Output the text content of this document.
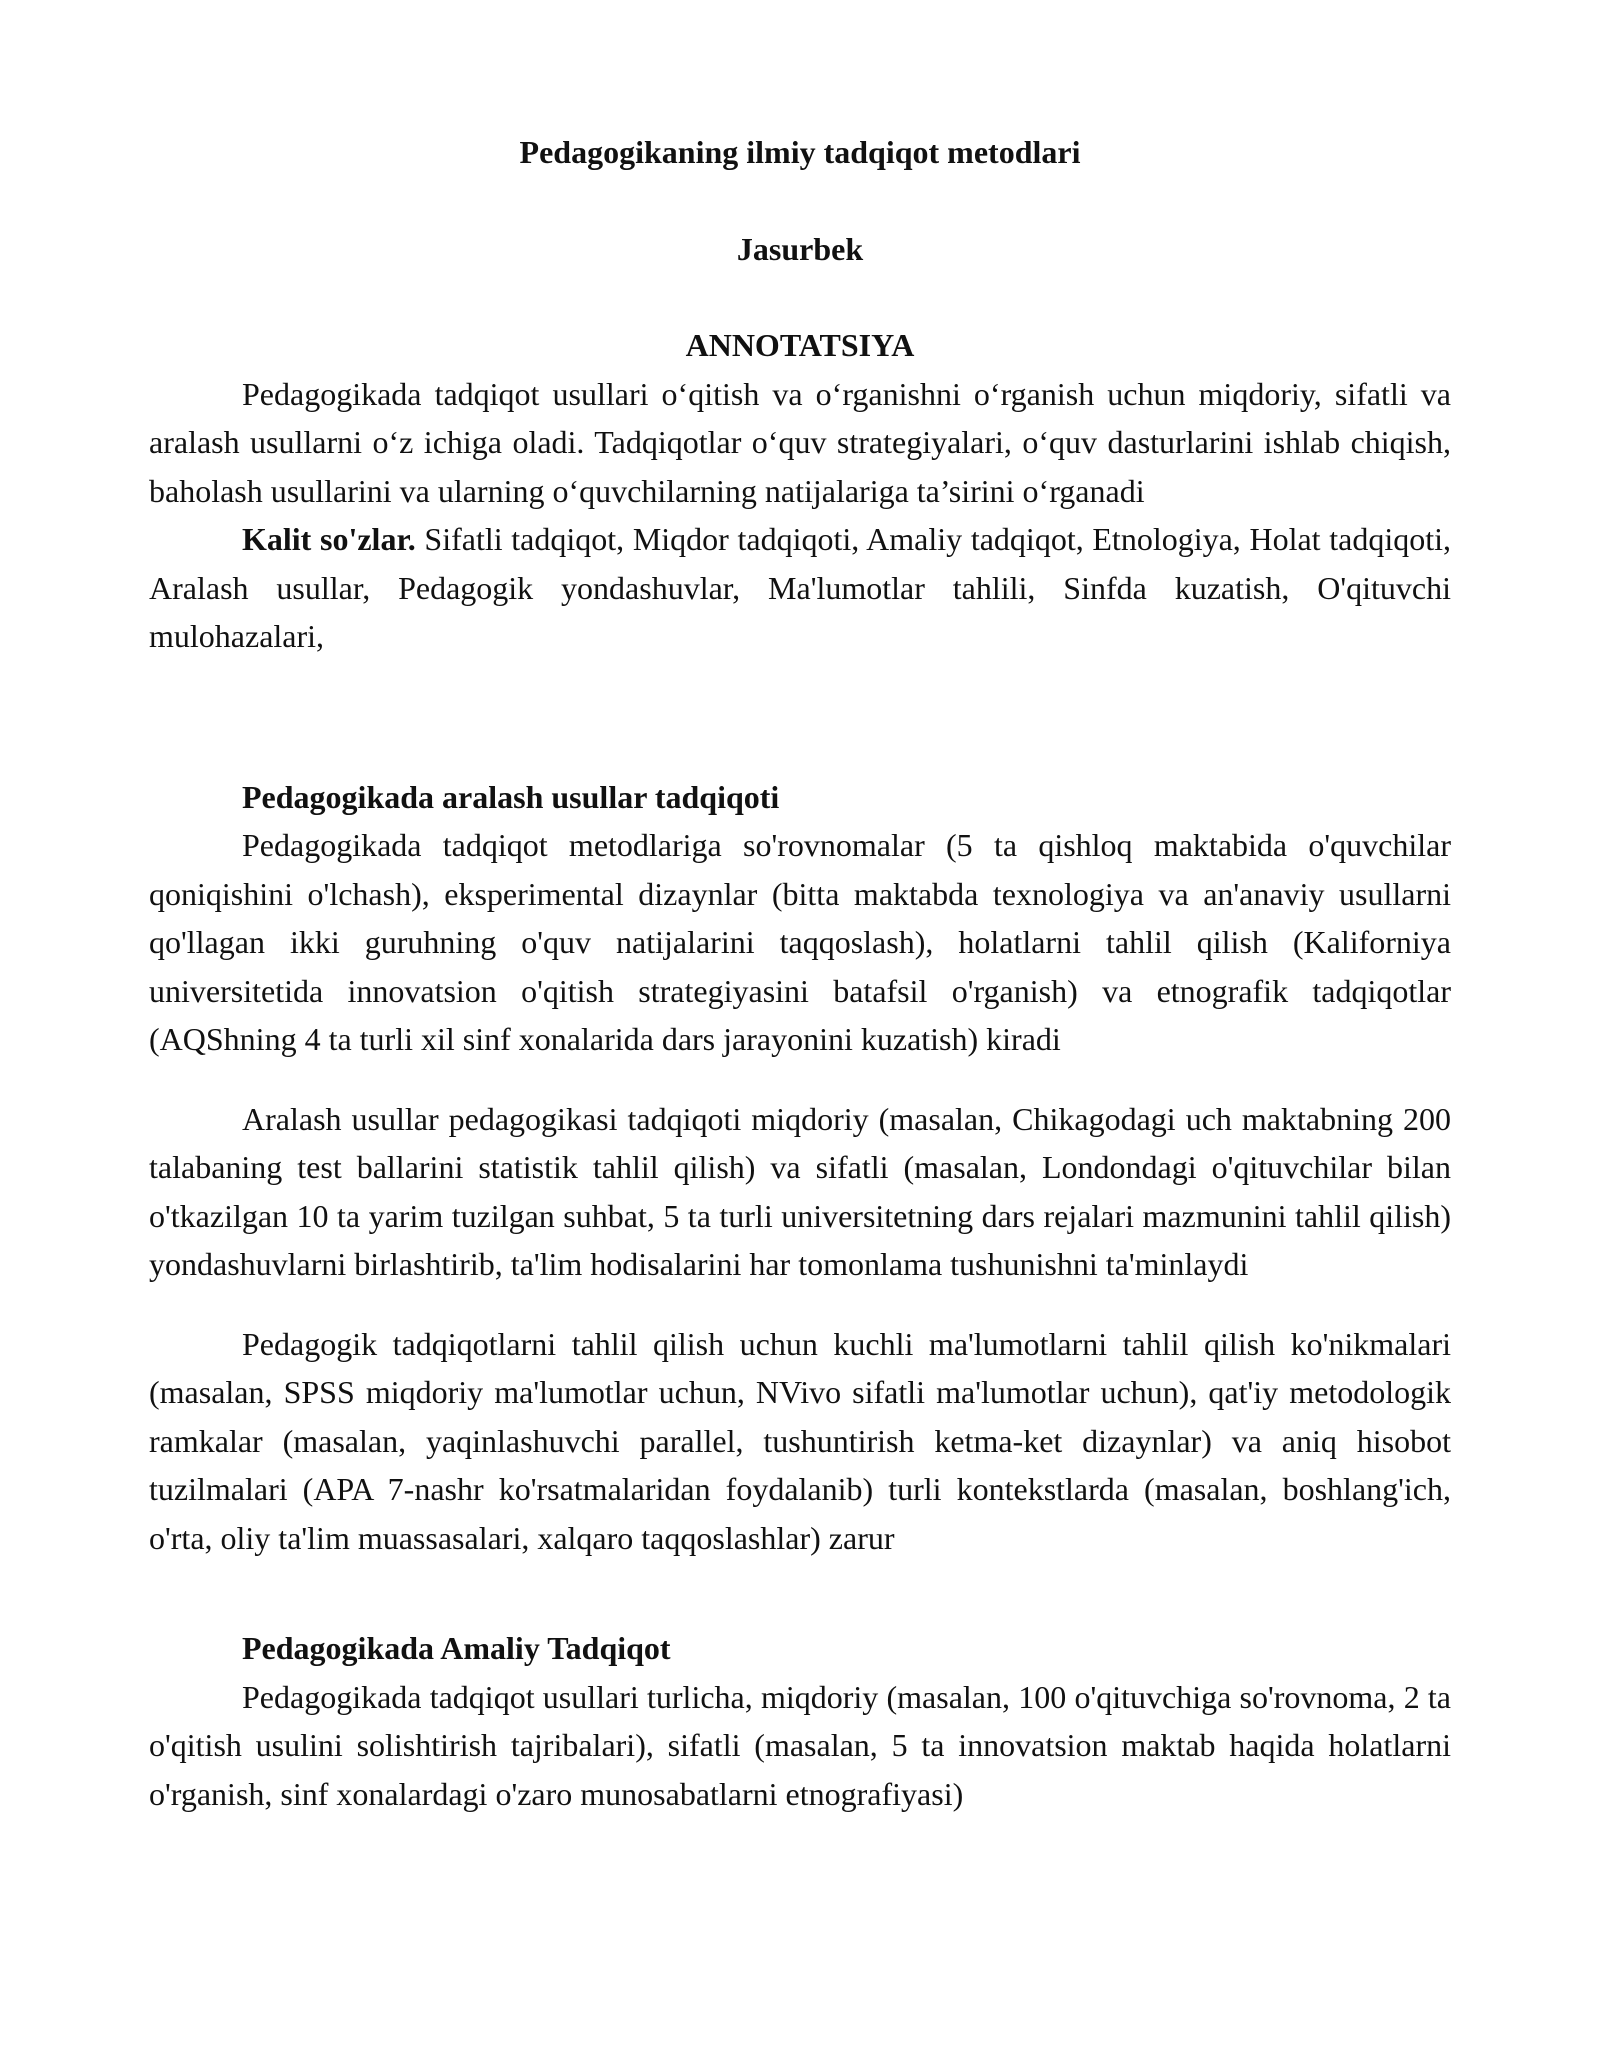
Pedagogikaning ilmiy tadqiqot metodlari

Jasurbek

ANNOTATSIYA

Pedagogikada tadqiqot usullari o‘qitish va o‘rganishni o‘rganish uchun miqdoriy, sifatli va aralash usullarni o‘z ichiga oladi. Tadqiqotlar o‘quv strategiyalari, o‘quv dasturlarini ishlab chiqish, baholash usullarini va ularning o‘quvchilarning natijalariga ta’sirini o‘rganadi

Kalit so'zlar. Sifatli tadqiqot, Miqdor tadqiqoti, Amaliy tadqiqot, Etnologiya, Holat tadqiqoti, Aralash usullar, Pedagogik yondashuvlar, Ma'lumotlar tahlili, Sinfda kuzatish, O'qituvchi mulohazalari,

Pedagogikada aralash usullar tadqiqoti

Pedagogikada tadqiqot metodlariga so'rovnomalar (5 ta qishloq maktabida o'quvchilar qoniqishini o'lchash), eksperimental dizaynlar (bitta maktabda texnologiya va an'anaviy usullarni qo'llagan ikki guruhning o'quv natijalarini taqqoslash), holatlarni tahlil qilish (Kaliforniya universitetida innovatsion o'qitish strategiyasini batafsil o'rganish) va etnografik tadqiqotlar (AQShning 4 ta turli xil sinf xonalarida dars jarayonini kuzatish) kiradi

Aralash usullar pedagogikasi tadqiqoti miqdoriy (masalan, Chikagodagi uch maktabning 200 talabaning test ballarini statistik tahlil qilish) va sifatli (masalan, Londondagi o'qituvchilar bilan o'tkazilgan 10 ta yarim tuzilgan suhbat, 5 ta turli universitetning dars rejalari mazmunini tahlil qilish) yondashuvlarni birlashtirib, ta'lim hodisalarini har tomonlama tushunishni ta'minlaydi

Pedagogik tadqiqotlarni tahlil qilish uchun kuchli ma'lumotlarni tahlil qilish ko'nikmalari (masalan, SPSS miqdoriy ma'lumotlar uchun, NVivo sifatli ma'lumotlar uchun), qat'iy metodologik ramkalar (masalan, yaqinlashuvchi parallel, tushuntirish ketma-ket dizaynlar) va aniq hisobot tuzilmalari (APA 7-nashr ko'rsatmalaridan foydalanib) turli kontekstlarda (masalan, boshlang'ich, o'rta, oliy ta'lim muassasalari, xalqaro taqqoslashlar) zarur

Pedagogikada Amaliy Tadqiqot

Pedagogikada tadqiqot usullari turlicha, miqdoriy (masalan, 100 o'qituvchiga so'rovnoma, 2 ta o'qitish usulini solishtirish tajribalari), sifatli (masalan, 5 ta innovatsion maktab haqida holatlarni o'rganish, sinf xonalardagi o'zaro munosabatlarni etnografiyasi)
